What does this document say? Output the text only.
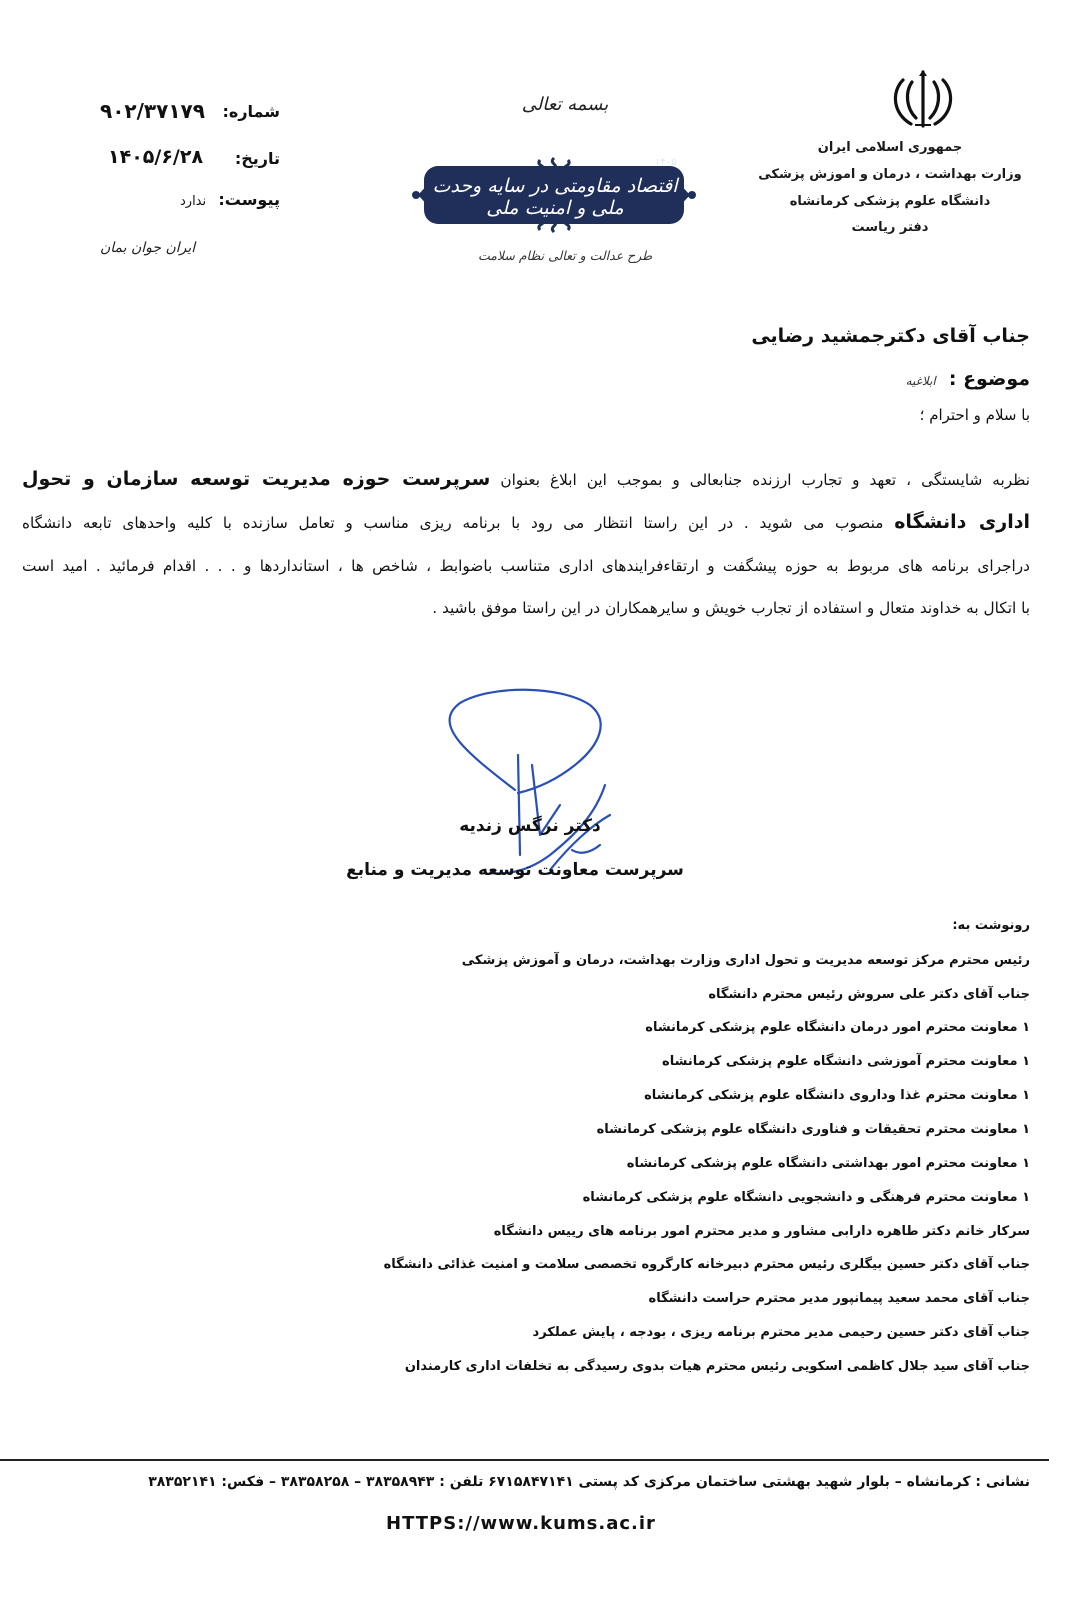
جمهوری اسلامی ایران
وزارت بهداشت ، درمان و اموزش پزشکی
دانشگاه علوم پزشکی کرمانشاه
دفتر ریاست
بسمه تعالی
اقتصاد مقاومتی در سایه وحدت ملی و امنیت ملی
۱۴۰۵
طرح عدالت و تعالی نظام سلامت
شماره:
۹۰۲/۳۷۱۷۹
تاریخ:
۱۴۰۵/۶/۲۸
پیوست:
ندارد
ایران جوان بمان
جناب آقای دکترجمشید رضایی
موضوع : ابلاغیه
با سلام و احترام ؛
نظربه شایستگی ، تعهد و تجارب ارزنده جنابعالی و بموجب این ابلاغ بعنوان سرپرست حوزه مدیریت توسعه سازمان و تحول
اداری دانشگاه منصوب می شوید . در این راستا انتظار می رود با برنامه ریزی مناسب و تعامل سازنده با کلیه واحدهای تابعه دانشگاه
دراجرای برنامه های مربوط به حوزه پیشگفت و ارتقاءفرایندهای اداری متناسب باضوابط ، شاخص ها ، استانداردها و . . . اقدام فرمائید . امید است
با اتکال به خداوند متعال و استفاده از تجارب خویش و سایرهمکاران در این راستا موفق باشید .
دکتر نرگس زندیه
سرپرست معاونت توسعه مدیریت و منابع
رونوشت به:
رئیس محترم مرکز توسعه مدیریت و تحول اداری وزارت بهداشت، درمان و آموزش پزشکی
جناب آقای دکتر علی سروش رئیس محترم دانشگاه
۱ معاونت محترم امور درمان دانشگاه علوم پزشکی کرمانشاه
۱ معاونت محترم آموزشی دانشگاه علوم پزشکی کرمانشاه
۱ معاونت محترم غذا وداروی دانشگاه علوم پزشکی کرمانشاه
۱ معاونت محترم تحقیقات و فناوری دانشگاه علوم پزشکی کرمانشاه
۱ معاونت محترم امور بهداشتی دانشگاه علوم پزشکی کرمانشاه
۱ معاونت محترم فرهنگی و دانشجویی دانشگاه علوم پزشکی کرمانشاه
سرکار خانم دکتر طاهره دارابی مشاور و مدیر محترم امور برنامه های رییس دانشگاه
جناب آقای دکتر حسین بیگلری رئیس محترم دبیرخانه کارگروه تخصصی سلامت و امنیت غذائی دانشگاه
جناب آقای محمد سعید پیمانپور مدیر محترم حراست دانشگاه
جناب آقای دکتر حسین رحیمی مدیر محترم برنامه ریزی ، بودجه ، پایش عملکرد
جناب آقای سید جلال کاظمی اسکویی رئیس محترم هیات بدوی رسیدگی به تخلفات اداری کارمندان
نشانی : کرمانشاه – بلوار شهید بهشتی ساختمان مرکزی کد پستی ۶۷۱۵۸۴۷۱۴۱ تلفن : ۳۸۳۵۸۹۴۳ – ۳۸۳۵۸۲۵۸ – فکس: ۳۸۳۵۲۱۴۱
HTTPS://www.kums.ac.ir
